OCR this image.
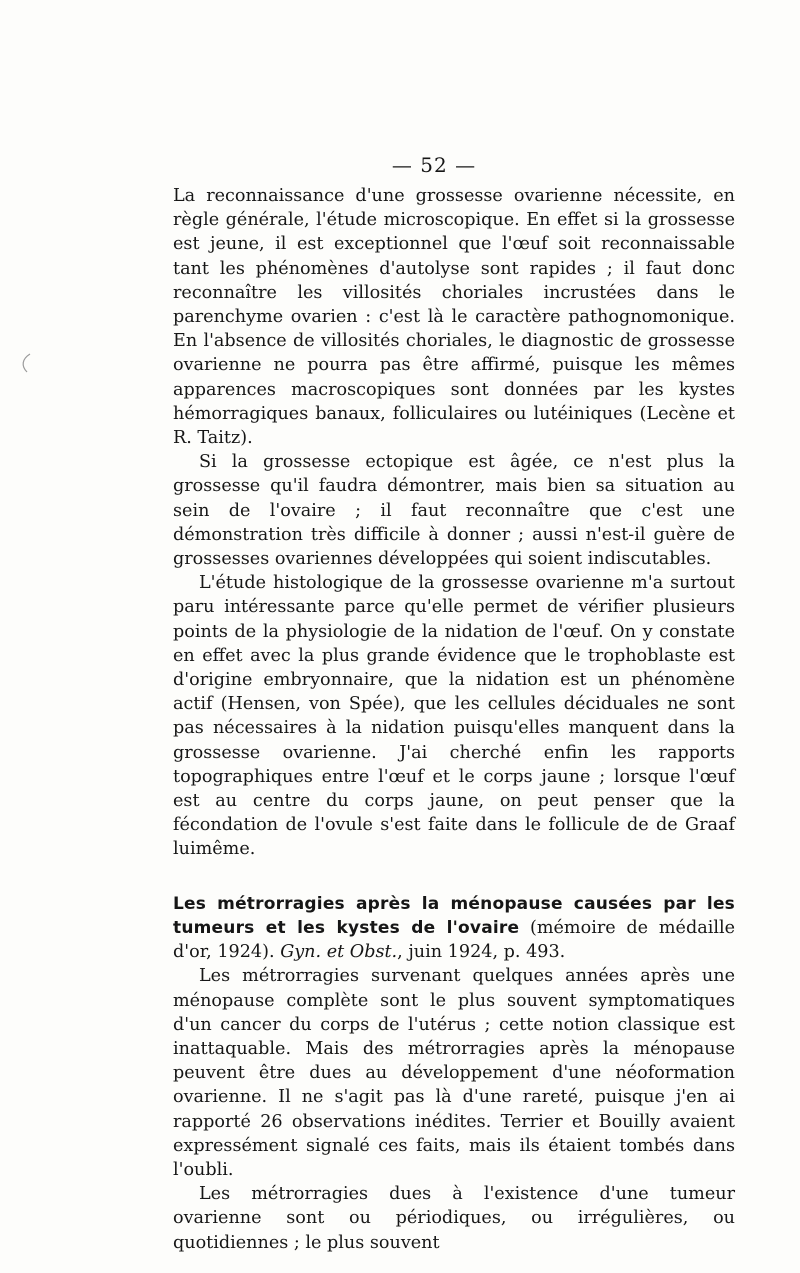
— 52 —

La reconnaissance d'une grossesse ovarienne nécessite, en règle générale, l'étude microscopique. En effet si la grossesse est jeune, il est exceptionnel que l'œuf soit reconnaissable tant les phénomènes d'autolyse sont rapides ; il faut donc reconnaître les villosités choriales incrustées dans le parenchyme ovarien : c'est là le caractère pathognomonique. En l'absence de villosités choriales, le diagnostic de grossesse ovarienne ne pourra pas être affirmé, puisque les mêmes apparences macroscopiques sont données par les kystes hémorragiques banaux, folliculaires ou lutéiniques (Lecène et R. Taitz).

Si la grossesse ectopique est âgée, ce n'est plus la grossesse qu'il faudra démontrer, mais bien sa situation au sein de l'ovaire ; il faut reconnaître que c'est une démonstration très difficile à donner ; aussi n'est-il guère de grossesses ovariennes développées qui soient indiscutables.

L'étude histologique de la grossesse ovarienne m'a surtout paru intéressante parce qu'elle permet de vérifier plusieurs points de la physiologie de la nidation de l'œuf. On y constate en effet avec la plus grande évidence que le trophoblaste est d'origine embryonnaire, que la nidation est un phénomène actif (Hensen, von Spée), que les cellules déciduales ne sont pas nécessaires à la nidation puisqu'elles manquent dans la grossesse ovarienne. J'ai cherché enfin les rapports topographiques entre l'œuf et le corps jaune ; lorsque l'œuf est au centre du corps jaune, on peut penser que la fécondation de l'ovule s'est faite dans le follicule de de Graaf luimême.

Les métrorragies après la ménopause causées par les tumeurs et les kystes de l'ovaire (mémoire de médaille d'or, 1924). Gyn. et Obst., juin 1924, p. 493.

Les métrorragies survenant quelques années après une ménopause complète sont le plus souvent symptomatiques d'un cancer du corps de l'utérus ; cette notion classique est inattaquable. Mais des métrorragies après la ménopause peuvent être dues au développement d'une néoformation ovarienne. Il ne s'agit pas là d'une rareté, puisque j'en ai rapporté 26 observations inédites. Terrier et Bouilly avaient expressément signalé ces faits, mais ils étaient tombés dans l'oubli.

Les métrorragies dues à l'existence d'une tumeur ovarienne sont ou périodiques, ou irrégulières, ou quotidiennes ; le plus souvent
